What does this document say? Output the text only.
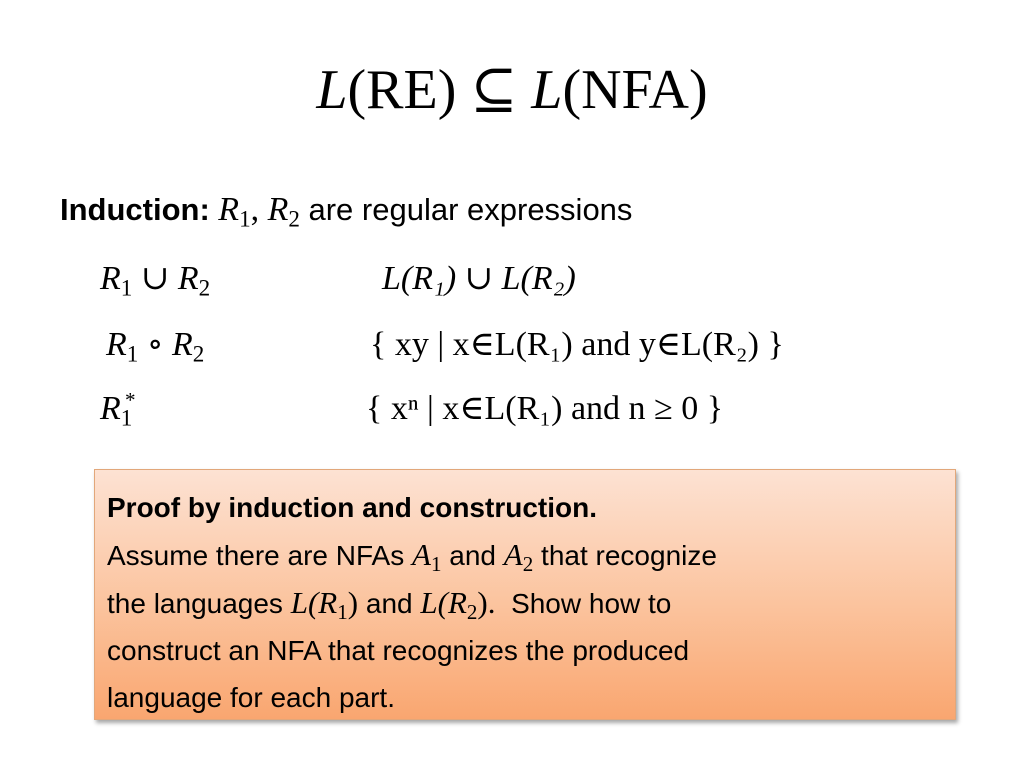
L(RE) ⊆ L(NFA)
Induction: $R_1$, $R_2$ are regular expressions
$R_1$ ∪ $R_2$	L(R₁) ∪ L(R₂)
$R_1$ ∘ $R_2$	{ xy | x∈L(R₁) and y∈L(R₂) }
$R_1^*$	{ xⁿ | x∈L(R₁) and n ≥ 0 }
Proof by induction and construction.
Assume there are NFAs $A_1$ and $A_2$ that recognize
the languages $L(R_1)$ and $L(R_2)$. Show how to
construct an NFA that recognizes the produced
language for each part.
